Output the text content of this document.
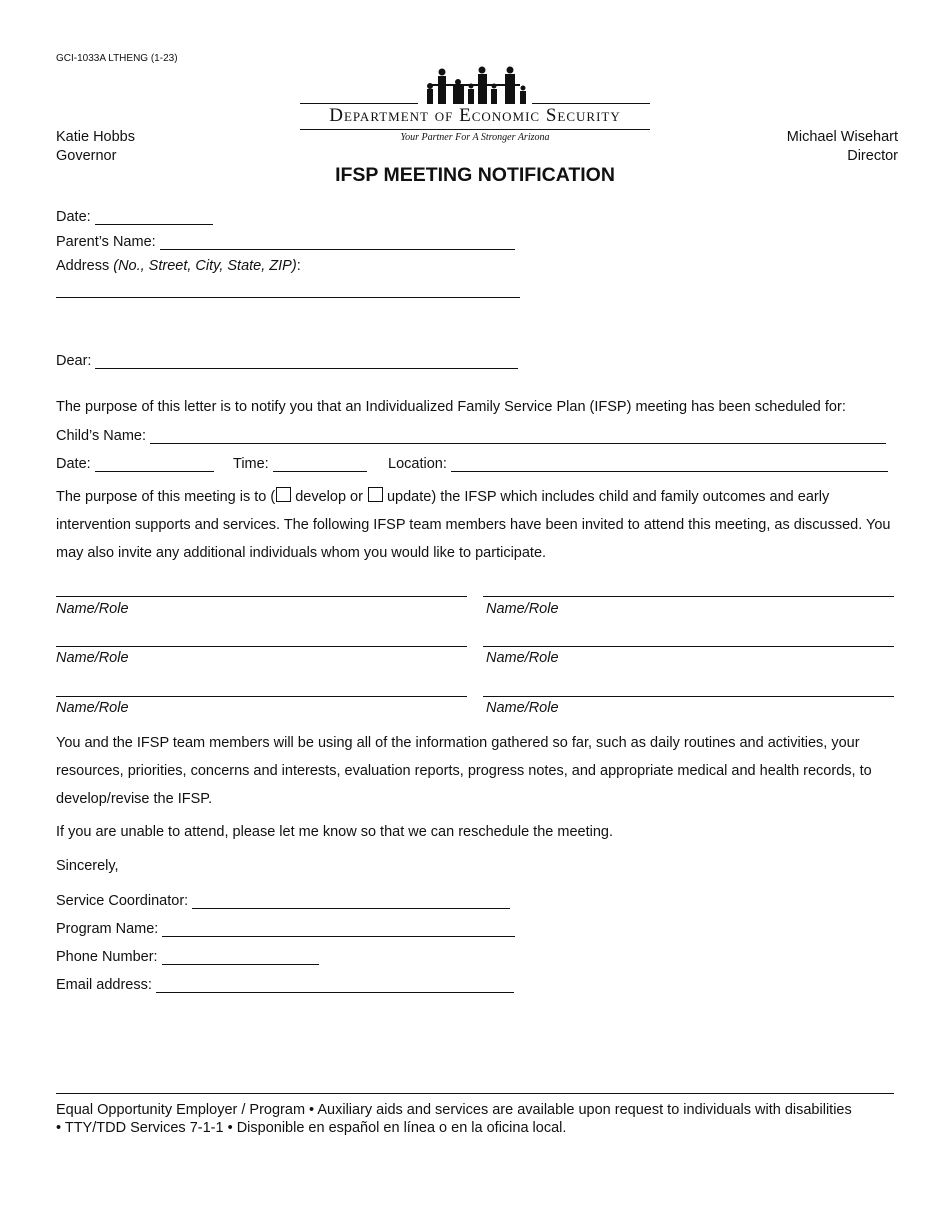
GCI-1033A LTHENG (1-23)
Department of Economic Security
Your Partner For A Stronger Arizona
Katie Hobbs
Governor
Michael Wisehart
Director
IFSP MEETING NOTIFICATION
Date:
Parent’s Name:
Address
(No., Street, City, State, ZIP) :
Dear:
The purpose of this letter is to notify you that an Individualized Family Service Plan (IFSP) meeting has been scheduled for:
Child’s Name:
Date:	Time:	Location:
The purpose of this meeting is to ( develop or update) the IFSP which includes child and family outcomes and early intervention supports and services. The following IFSP team members have been invited to attend this meeting, as discussed. You may also invite any additional individuals whom you would like to participate.
Name/Role	Name/Role
Name/Role	Name/Role
Name/Role	Name/Role
You and the IFSP team members will be using all of the information gathered so far, such as daily routines and activities, your resources, priorities, concerns and interests, evaluation reports, progress notes, and appropriate medical and health records, to develop/revise the IFSP.
If you are unable to attend, please let me know so that we can reschedule the meeting.
Sincerely,
Service Coordinator:
Program Name:
Phone Number:
Email address:
Equal Opportunity Employer / Program • Auxiliary aids and services are available upon request to individuals with disabilities • TTY/TDD Services 7-1-1 • Disponible en español en línea o en la oficina local.
